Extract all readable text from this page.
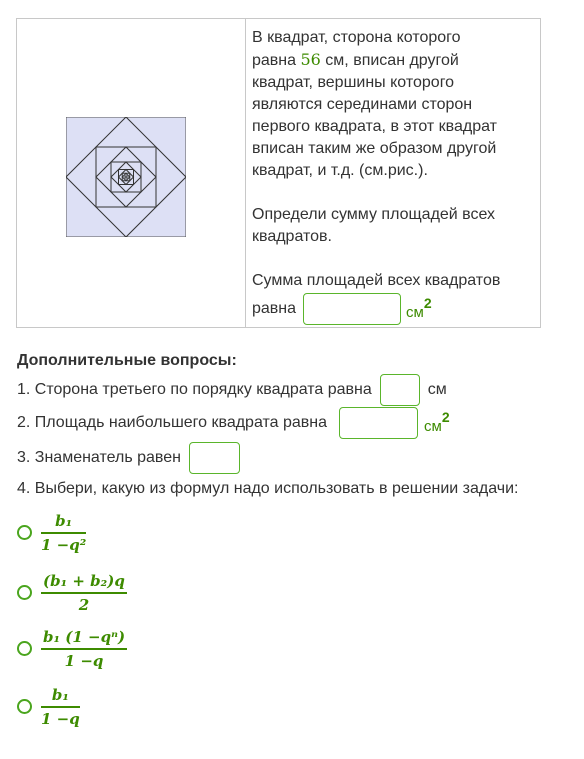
В квадрат, сторона которого
равна 56 см, вписан другой
квадрат, вершины которого
являются серединами сторон
первого квадрата, в этот квадрат
вписан таким же образом другой
квадрат, и т.д. (см.рис.).
Определи сумму площадей всех
квадратов.
Сумма площадей всех квадратов
равна	$см^2$
Дополнительные вопросы:
1. Сторона третьего по порядку квадрата равна	см
2. Площадь наибольшего квадрата равна	$см^2$
3. Знаменатель равен
4. Выбери, какую из формул надо использовать в решении задачи:
$\frac{\text{b₁}}{\text{1 −q²}}$
$\frac{\text{(b₁ + b₂)q}}{2}$
$\frac{\text{b₁ (1 −qⁿ)}}{1 -q}$
$\frac{\text{b₁}}{1 -q}$
